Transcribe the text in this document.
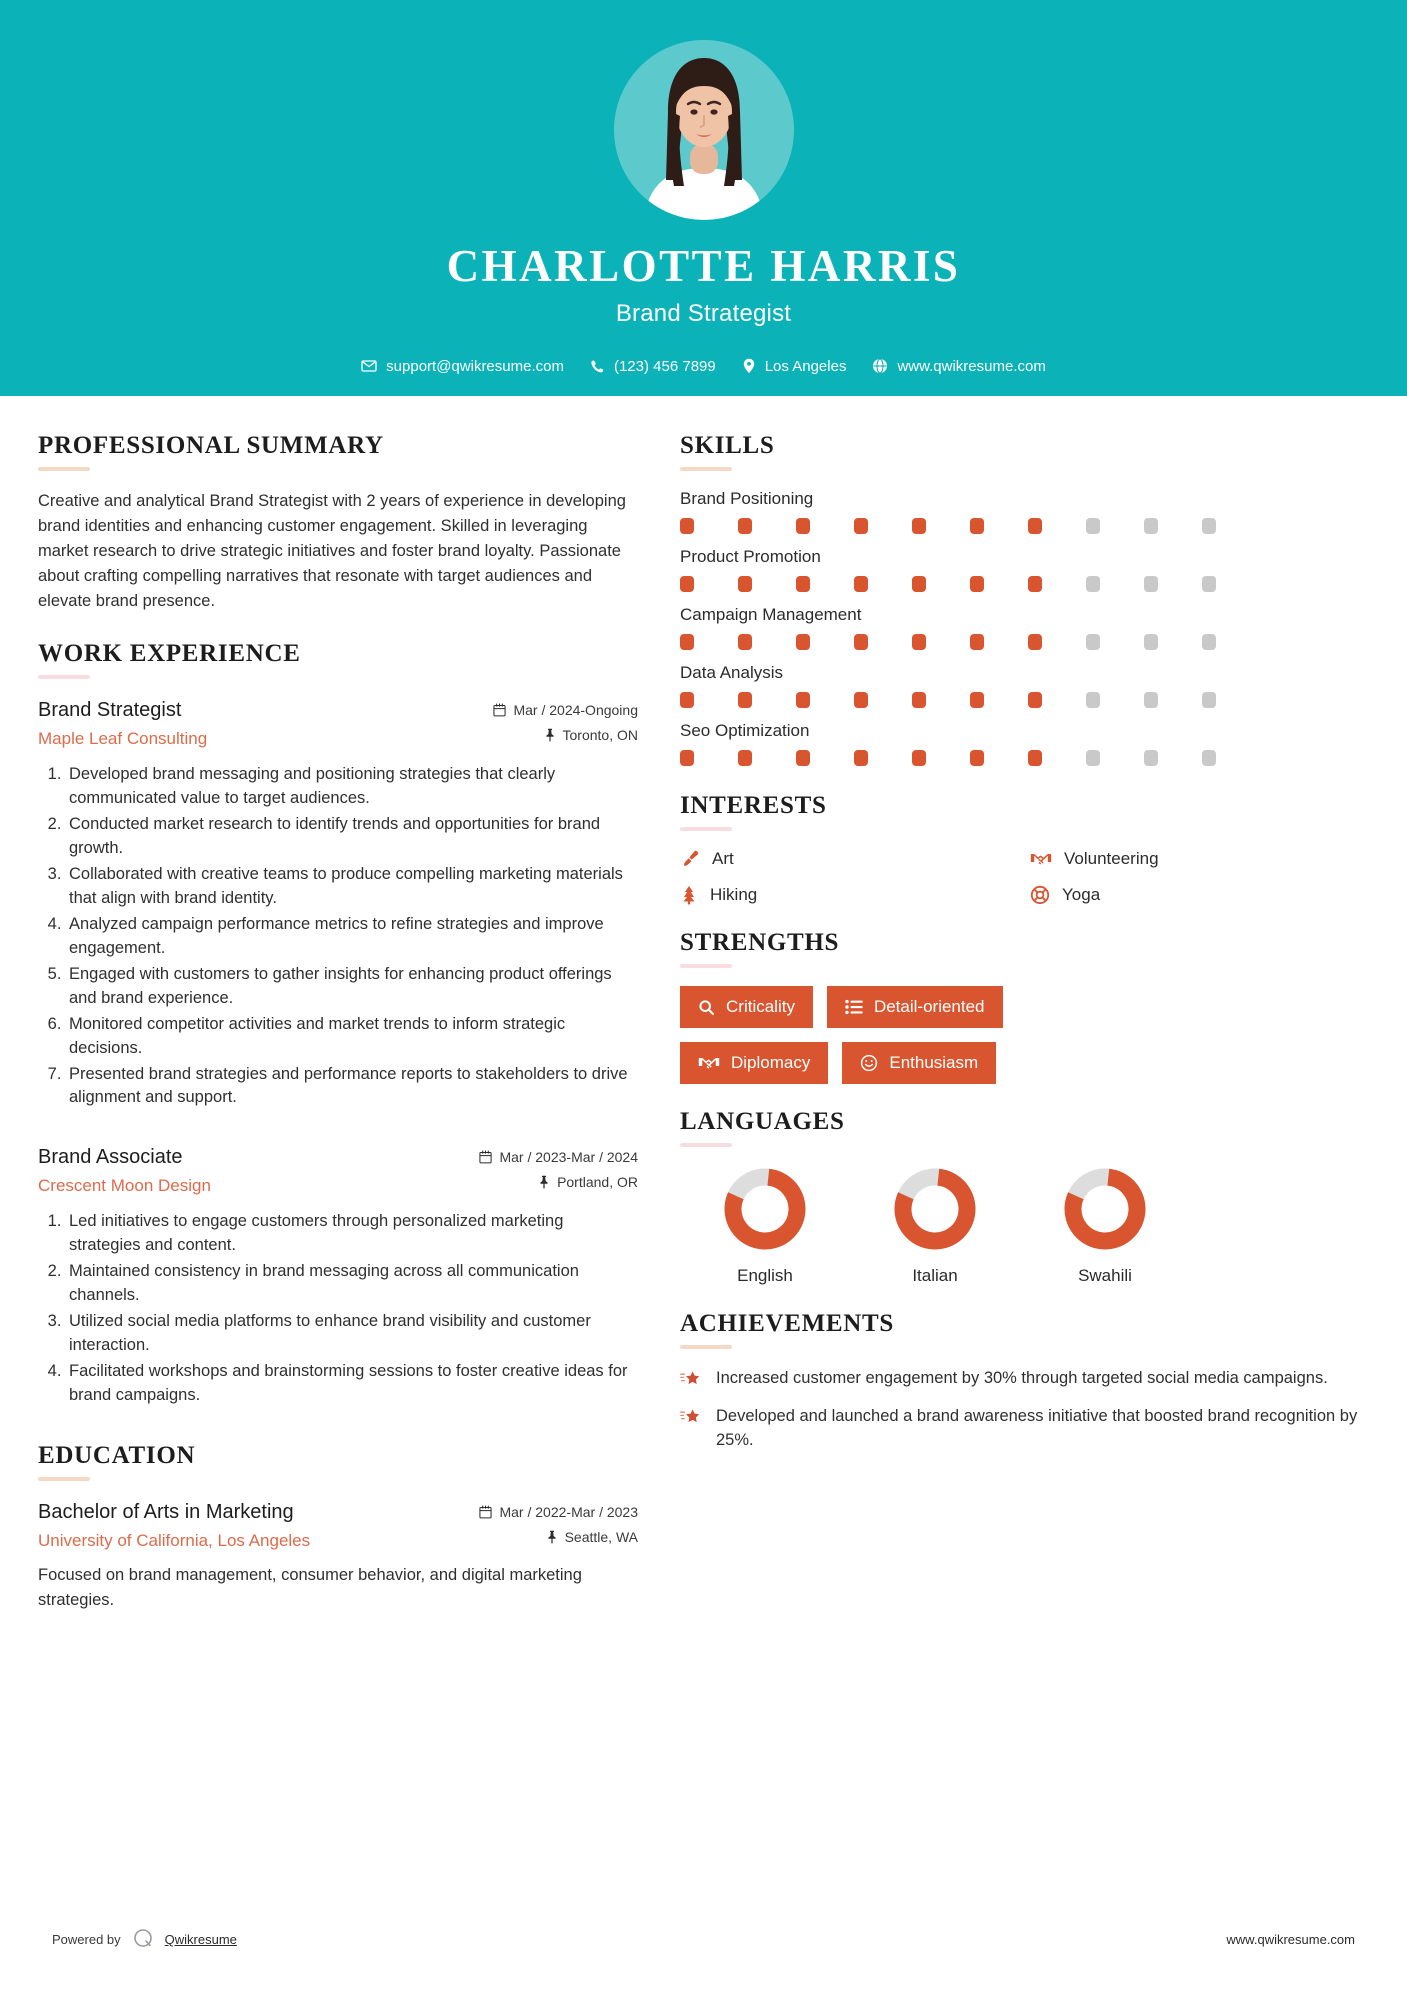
CHARLOTTE HARRIS
Brand Strategist
support@qwikresume.com	(123) 456 7899	Los Angeles	www.qwikresume.com
PROFESSIONAL SUMMARY
Creative and analytical Brand Strategist with 2 years of experience in developing brand identities and enhancing customer engagement. Skilled in leveraging market research to drive strategic initiatives and foster brand loyalty. Passionate about crafting compelling narratives that resonate with target audiences and elevate brand presence.
WORK EXPERIENCE
Brand Strategist
Maple Leaf Consulting
Mar / 2024-Ongoing
Toronto, ON
1. Developed brand messaging and positioning strategies that clearly communicated value to target audiences.
2. Conducted market research to identify trends and opportunities for brand growth.
3. Collaborated with creative teams to produce compelling marketing materials that align with brand identity.
4. Analyzed campaign performance metrics to refine strategies and improve engagement.
5. Engaged with customers to gather insights for enhancing product offerings and brand experience.
6. Monitored competitor activities and market trends to inform strategic decisions.
7. Presented brand strategies and performance reports to stakeholders to drive alignment and support.
Brand Associate
Crescent Moon Design
Mar / 2023-Mar / 2024
Portland, OR
1. Led initiatives to engage customers through personalized marketing strategies and content.
2. Maintained consistency in brand messaging across all communication channels.
3. Utilized social media platforms to enhance brand visibility and customer interaction.
4. Facilitated workshops and brainstorming sessions to foster creative ideas for brand campaigns.
EDUCATION
Bachelor of Arts in Marketing
University of California, Los Angeles
Mar / 2022-Mar / 2023
Seattle, WA
Focused on brand management, consumer behavior, and digital marketing strategies.
SKILLS
Brand Positioning
Product Promotion
Campaign Management
Data Analysis
Seo Optimization
INTERESTS
Art	Volunteering
Hiking	Yoga
STRENGTHS
Criticality	Detail-oriented
Diplomacy	Enthusiasm
LANGUAGES
English	Italian	Swahili
ACHIEVEMENTS
Increased customer engagement by 30% through targeted social media campaigns.
Developed and launched a brand awareness initiative that boosted brand recognition by 25%.
Powered by	Qwikresume	www.qwikresume.com
